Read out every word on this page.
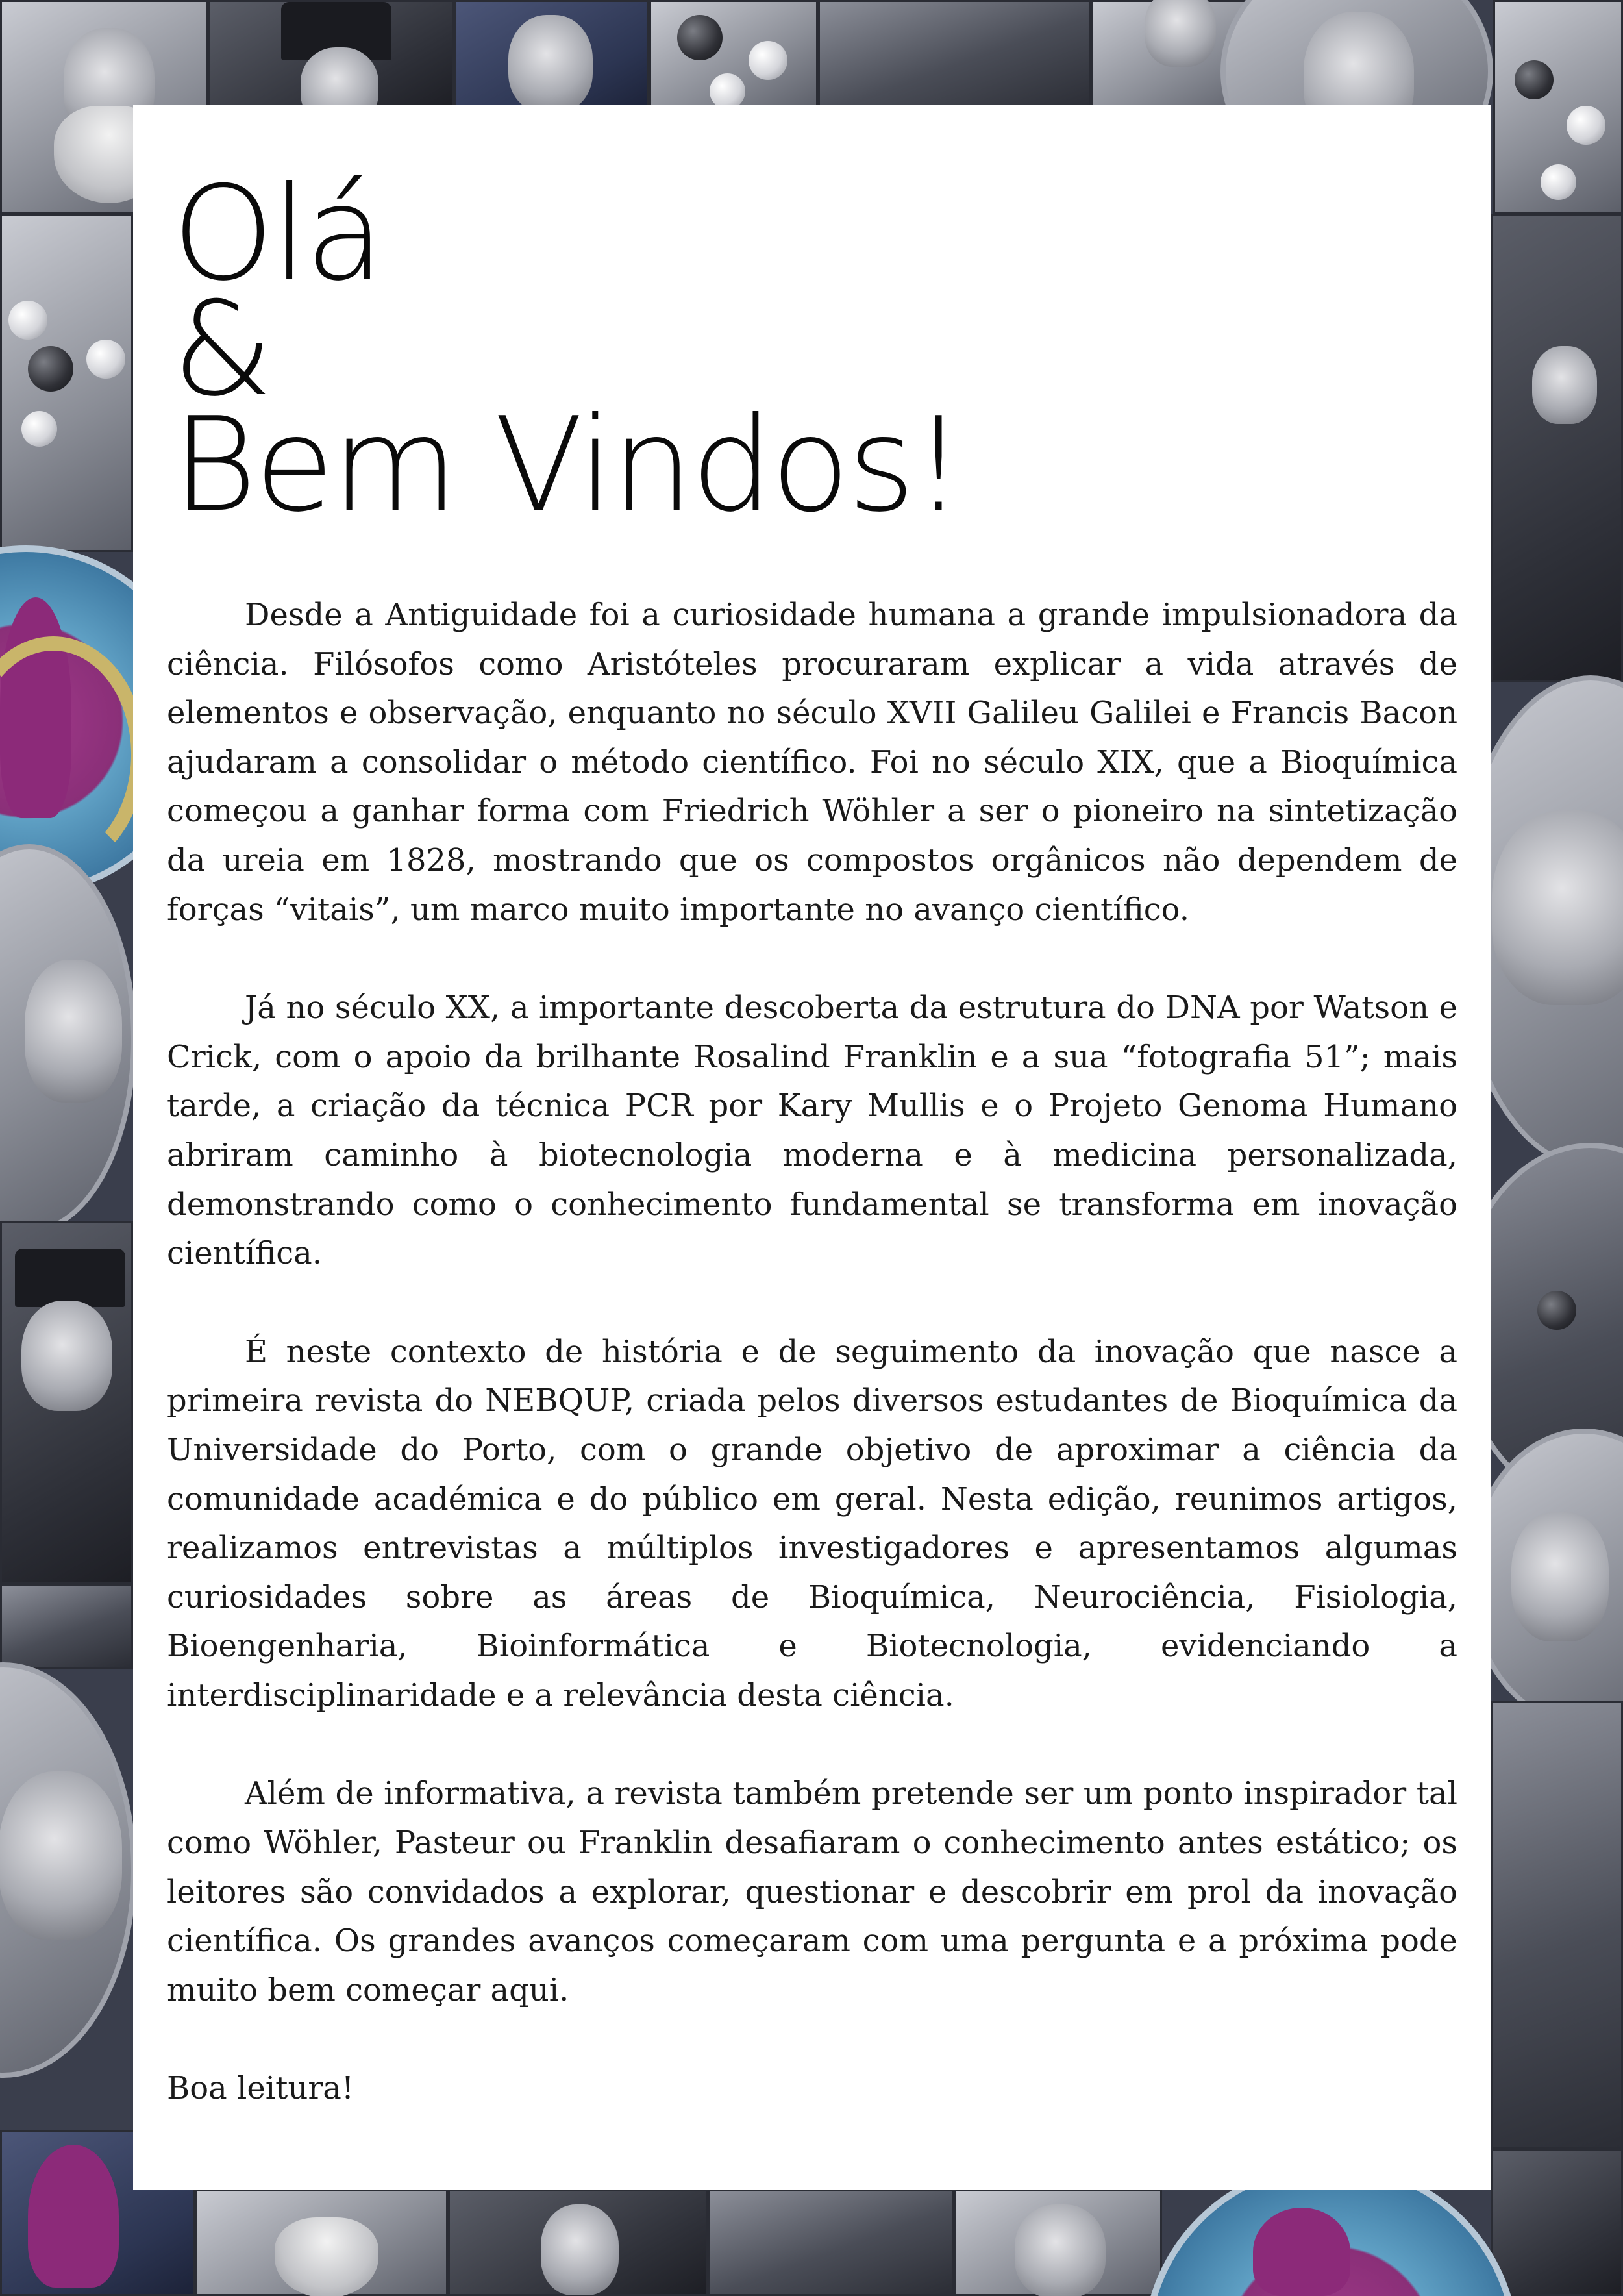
Olá
&
Bem Vindos!

Desde a Antiguidade foi a curiosidade humana a grande impulsionadora da ciência. Filósofos como Aristóteles procuraram explicar a vida através de elementos e observação, enquanto no século XVII Galileu Galilei e Francis Bacon ajudaram a consolidar o método científico. Foi no século XIX, que a Bioquímica começou a ganhar forma com Friedrich Wöhler a ser o pioneiro na sintetização da ureia em 1828, mostrando que os compostos orgânicos não dependem de forças “vitais”, um marco muito importante no avanço científico.

Já no século XX, a importante descoberta da estrutura do DNA por Watson e Crick, com o apoio da brilhante Rosalind Franklin e a sua “fotografia 51”; mais tarde, a criação da técnica PCR por Kary Mullis e o Projeto Genoma Humano abriram caminho à biotecnologia moderna e à medicina personalizada, demonstrando como o conhecimento fundamental se transforma em inovação científica.

É neste contexto de história e de seguimento da inovação que nasce a primeira revista do NEBQUP, criada pelos diversos estudantes de Bioquímica da Universidade do Porto, com o grande objetivo de aproximar a ciência da comunidade académica e do público em geral. Nesta edição, reunimos artigos, realizamos entrevistas a múltiplos investigadores e apresentamos algumas curiosidades sobre as áreas de Bioquímica, Neurociência, Fisiologia, Bioengenharia, Bioinformática e Biotecnologia, evidenciando a interdisciplinaridade e a relevância desta ciência.

Além de informativa, a revista também pretende ser um ponto inspirador tal como Wöhler, Pasteur ou Franklin desafiaram o conhecimento antes estático; os leitores são convidados a explorar, questionar e descobrir em prol da inovação científica. Os grandes avanços começaram com uma pergunta e a próxima pode muito bem começar aqui.

Boa leitura!
